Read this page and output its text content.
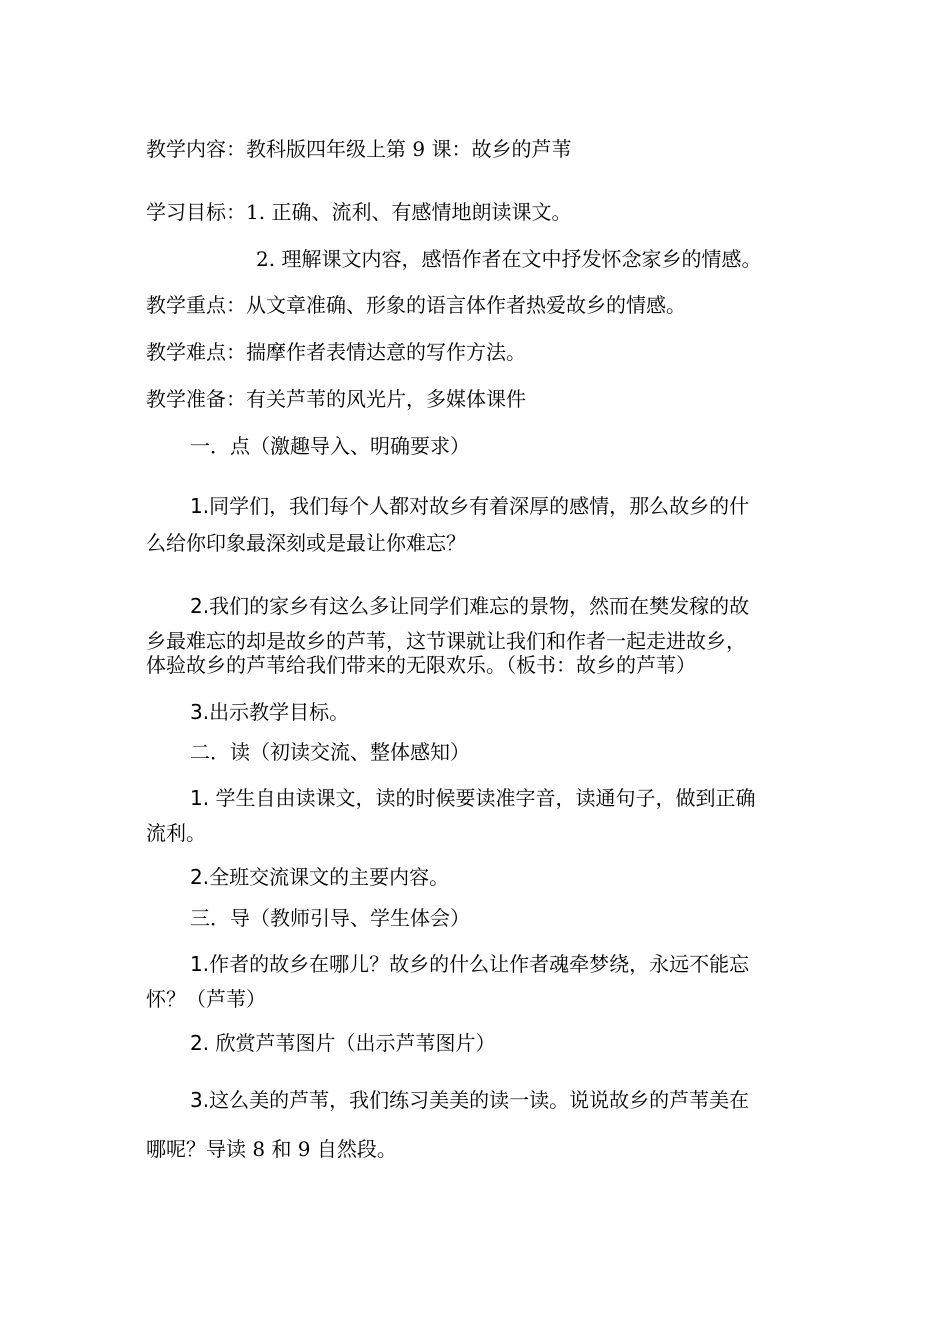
教学内容：教科版四年级上第 9 课：故乡的芦苇

学习目标：1. 正确、流利、有感情地朗读课文。

2. 理解课文内容，感悟作者在文中抒发怀念家乡的情感。

教学重点：从文章准确、形象的语言体作者热爱故乡的情感。

教学难点：揣摩作者表情达意的写作方法。

教学准备：有关芦苇的风光片，多媒体课件

一．点（激趣导入、明确要求）

1.同学们，我们每个人都对故乡有着深厚的感情，那么故乡的什

么给你印象最深刻或是最让你难忘？

2.我们的家乡有这么多让同学们难忘的景物，然而在樊发稼的故

乡最难忘的却是故乡的芦苇，这节课就让我们和作者一起走进故乡，

体验故乡的芦苇给我们带来的无限欢乐。（板书：故乡的芦苇）

3.出示教学目标。

二．读（初读交流、整体感知）

1. 学生自由读课文，读的时候要读准字音，读通句子，做到正确

流利。

2.全班交流课文的主要内容。

三．导（教师引导、学生体会）

1.作者的故乡在哪儿？故乡的什么让作者魂牵梦绕，永远不能忘

怀？（芦苇）

2. 欣赏芦苇图片（出示芦苇图片）

3.这么美的芦苇，我们练习美美的读一读。说说故乡的芦苇美在

哪呢？导读 8 和 9 自然段。
